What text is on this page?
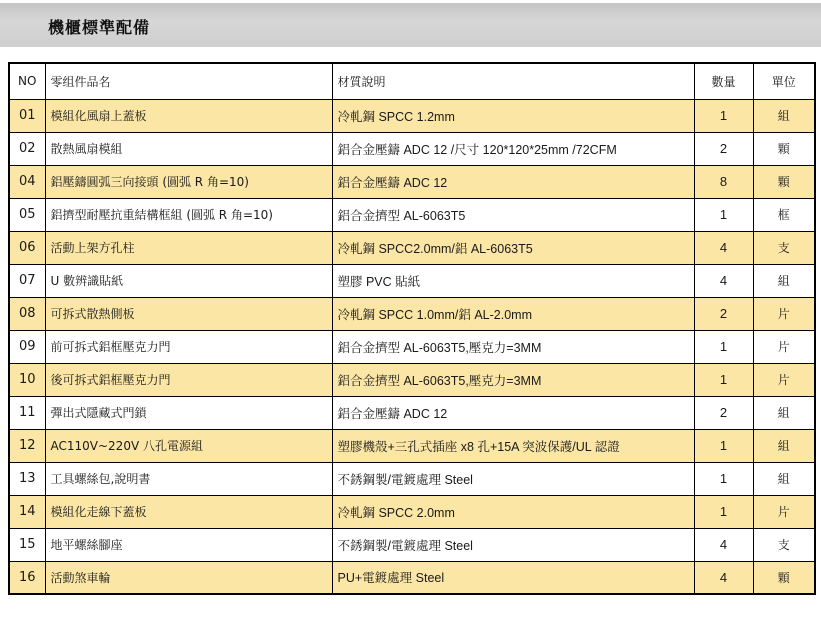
機櫃標準配備
NO	零组件品名	材質說明	數量	單位
01	模組化風扇上蓋板	冷軋鋼 SPCC 1.2mm	1	組
02	散熱風扇模組	鋁合金壓鑄 ADC 12 /尺寸 120*120*25mm /72CFM	2	顆
04	鋁壓鑄圓弧三向接頭 (圓弧 R 角=10)	鋁合金壓鑄 ADC 12	8	顆
05	鋁擠型耐壓抗重結構框組 (圓弧 R 角=10)	鋁合金擠型 AL-6063T5	1	框
06	活動上架方孔柱	冷軋鋼 SPCC2.0mm/鋁 AL-6063T5	4	支
07	U 數辨識貼紙	塑膠 PVC 貼紙	4	組
08	可拆式散熱側板	冷軋鋼 SPCC 1.0mm/鋁 AL-2.0mm	2	片
09	前可拆式鋁框壓克力門	鋁合金擠型 AL-6063T5,壓克力=3MM	1	片
10	後可拆式鋁框壓克力門	鋁合金擠型 AL-6063T5,壓克力=3MM	1	片
11	彈出式隱藏式門鎖	鋁合金壓鑄 ADC 12	2	組
12	AC110V~220V 八孔電源組	塑膠機殼+三孔式插座 x8 孔+15A 突波保護/UL 認證	1	組
13	工具螺絲包,說明書	不銹鋼製/電鍍處理 Steel	1	組
14	模組化走線下蓋板	冷軋鋼 SPCC 2.0mm	1	片
15	地平螺絲腳座	不銹鋼製/電鍍處理 Steel	4	支
16	活動煞車輪	PU+電鍍處理 Steel	4	顆
